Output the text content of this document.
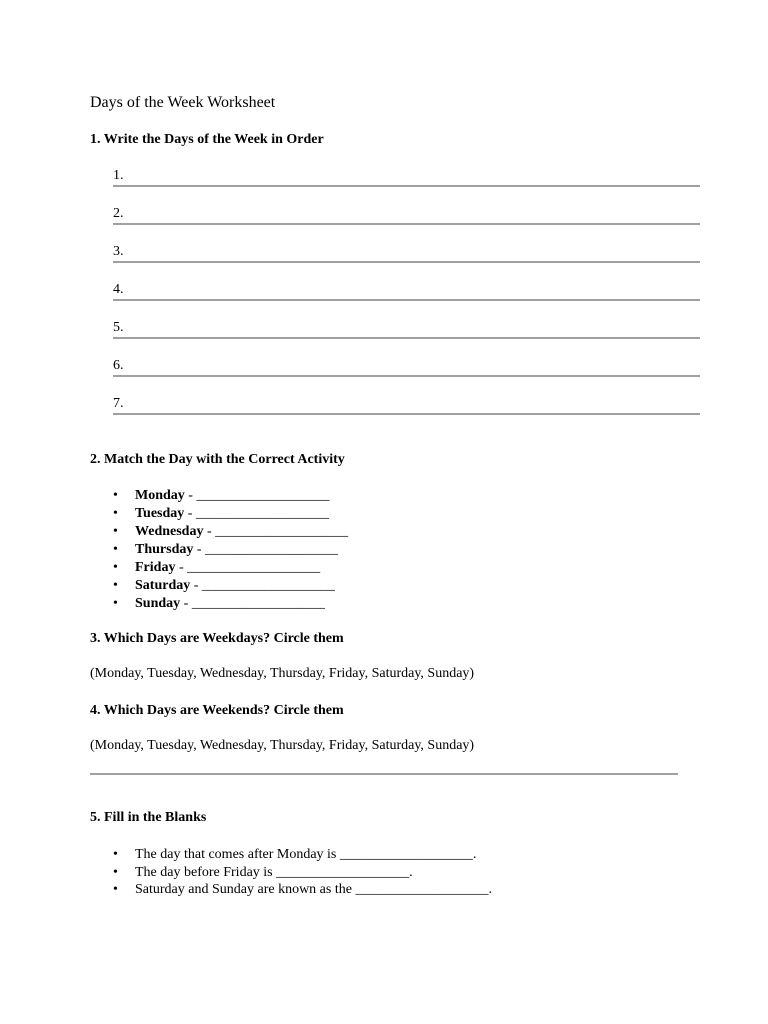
Days of the Week Worksheet
1. Write the Days of the Week in Order
1.
2.
3.
4.
5.
6.
7.
2. Match the Day with the Correct Activity
• Monday - ___________________
• Tuesday - ___________________
• Wednesday - ___________________
• Thursday - ___________________
• Friday - ___________________
• Saturday - ___________________
• Sunday - ___________________
3. Which Days are Weekdays? Circle them
(Monday, Tuesday, Wednesday, Thursday, Friday, Saturday, Sunday)
4. Which Days are Weekends? Circle them
(Monday, Tuesday, Wednesday, Thursday, Friday, Saturday, Sunday)
5. Fill in the Blanks
• The day that comes after Monday is ___________________.
• The day before Friday is ___________________.
• Saturday and Sunday are known as the ___________________.
